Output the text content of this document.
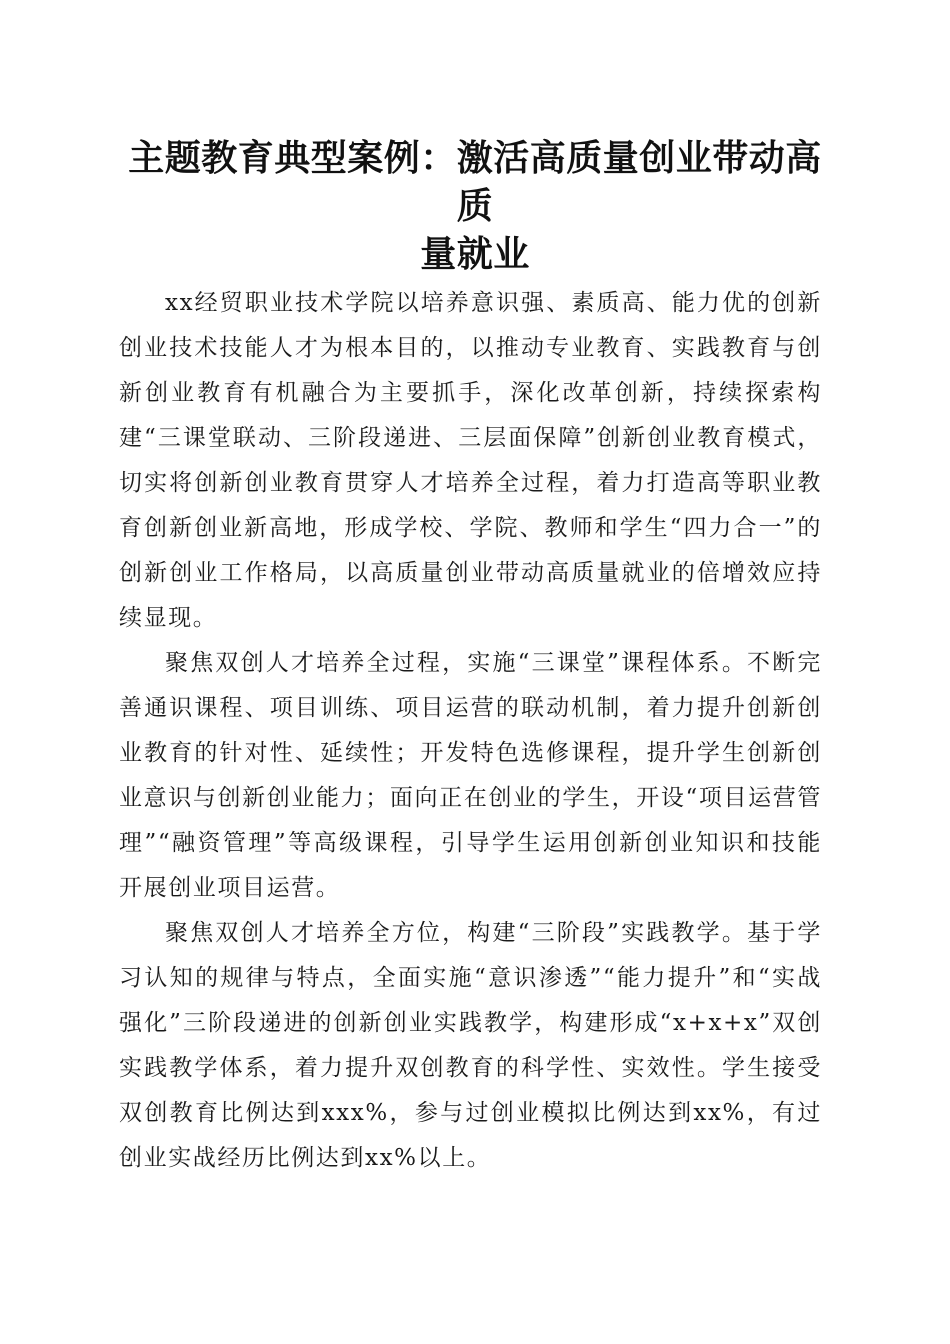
主题教育典型案例：激活高质量创业带动高质
量就业

xx经贸职业技术学院以培养意识强、素质高、能力优的创新创业技术技能人才为根本目的，以推动专业教育、实践教育与创新创业教育有机融合为主要抓手，深化改革创新，持续探索构建“三课堂联动、三阶段递进、三层面保障”创新创业教育模式，切实将创新创业教育贯穿人才培养全过程，着力打造高等职业教育创新创业新高地，形成学校、学院、教师和学生“四力合一”的创新创业工作格局，以高质量创业带动高质量就业的倍增效应持续显现。

聚焦双创人才培养全过程，实施“三课堂”课程体系。不断完善通识课程、项目训练、项目运营的联动机制，着力提升创新创业教育的针对性、延续性；开发特色选修课程，提升学生创新创业意识与创新创业能力；面向正在创业的学生，开设“项目运营管理”“融资管理”等高级课程，引导学生运用创新创业知识和技能开展创业项目运营。

聚焦双创人才培养全方位，构建“三阶段”实践教学。基于学习认知的规律与特点，全面实施“意识渗透”“能力提升”和“实战强化”三阶段递进的创新创业实践教学，构建形成“x+x+x”双创实践教学体系，着力提升双创教育的科学性、实效性。学生接受双创教育比例达到xxx%，参与过创业模拟比例达到xx%，有过创业实战经历比例达到xx%以上。
